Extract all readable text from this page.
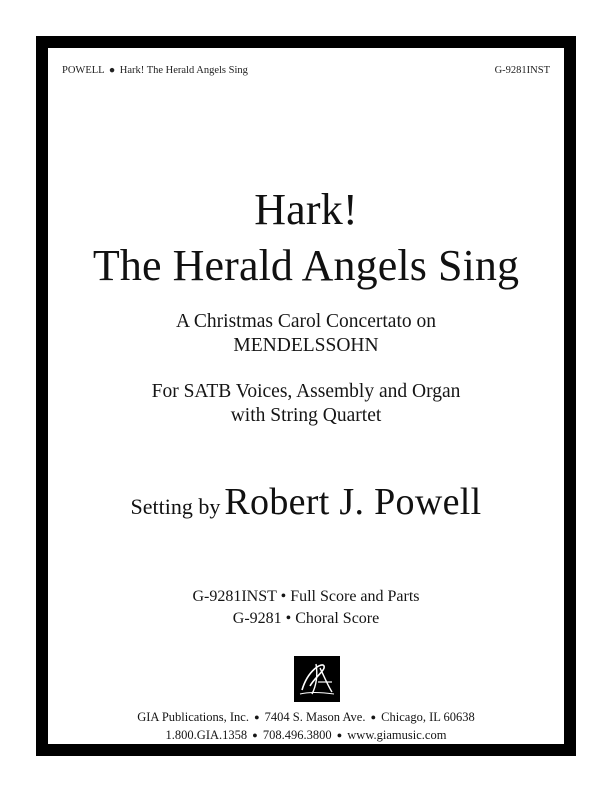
POWELL ● Hark! The Herald Angels Sing	G-9281INST
Hark!
The Herald Angels Sing
A Christmas Carol Concertato on
MENDELSSOHN
For SATB Voices, Assembly and Organ
with String Quartet
Setting by Robert J. Powell
G-9281INST • Full Score and Parts
G-9281 • Choral Score
GIA Publications, Inc. ● 7404 S. Mason Ave. ● Chicago, IL 60638
1.800.GIA.1358 ● 708.496.3800 ● www.giamusic.com
